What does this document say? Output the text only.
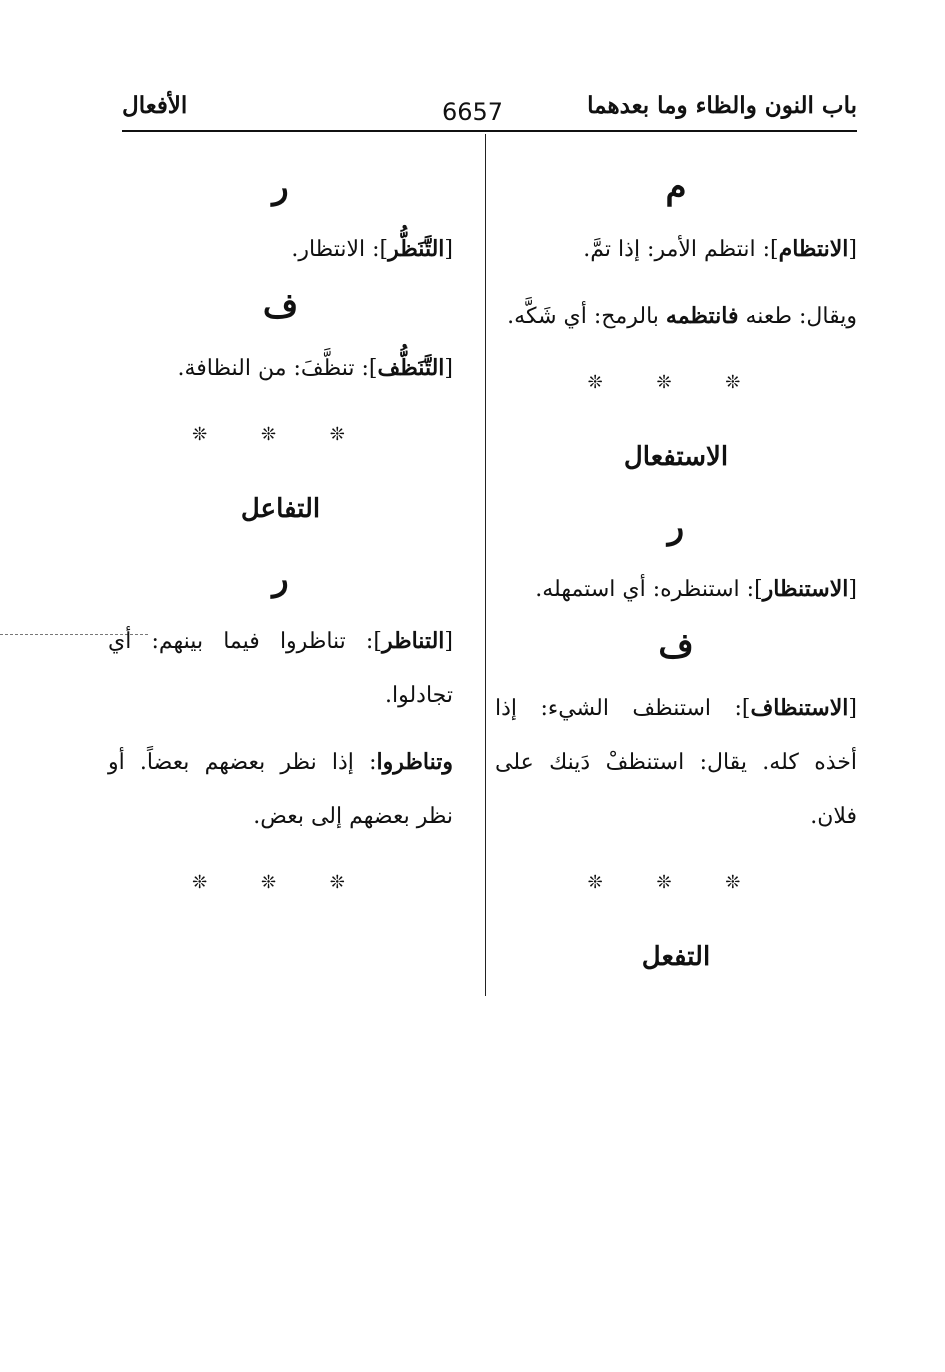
باب النون والظاء وما بعدهما
6657
الأفعال
م

[الانتظام]: انتظم الأمر: إذا تمَّ.

ويقال: طعنه فانتظمه بالرمح: أي شَكَّه.

❊ ❊ ❊
الاستفعال
ر

[الاستنظار]: استنظره: أي استمهله.

ف

[الاستنظاف]: استنظف الشيء: إذا أخذه كله. يقال: استنظفْ دَينك على فلان.

❊ ❊ ❊
التفعل
ر

[التَّنَظُّر]: الانتظار.

ف

[التَّنَظُّف]: تنظَّفَ: من النظافة.

❊ ❊ ❊
التفاعل
ر

[التناظر]: تناظروا فيما بينهم: أي تجادلوا.

وتناظروا: إذا نظر بعضهم بعضاً. أو نظر بعضهم إلى بعض.

❊ ❊ ❊
